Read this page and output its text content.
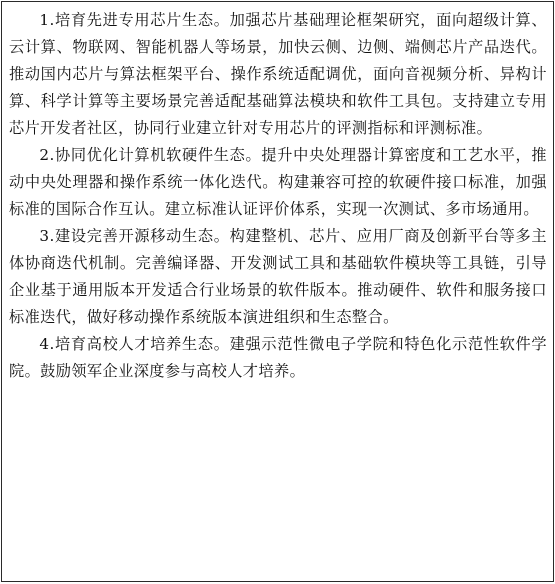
1.培育先进专用芯片生态。加强芯片基础理论框架研究，面向超级计算、云计算、物联网、智能机器人等场景，加快云侧、边侧、端侧芯片产品迭代。推动国内芯片与算法框架平台、操作系统适配调优，面向音视频分析、异构计算、科学计算等主要场景完善适配基础算法模块和软件工具包。支持建立专用芯片开发者社区，协同行业建立针对专用芯片的评测指标和评测标准。

2.协同优化计算机软硬件生态。提升中央处理器计算密度和工艺水平，推动中央处理器和操作系统一体化迭代。构建兼容可控的软硬件接口标准，加强标准的国际合作互认。建立标准认证评价体系，实现一次测试、多市场通用。

3.建设完善开源移动生态。构建整机、芯片、应用厂商及创新平台等多主体协商迭代机制。完善编译器、开发测试工具和基础软件模块等工具链，引导企业基于通用版本开发适合行业场景的软件版本。推动硬件、软件和服务接口标准迭代，做好移动操作系统版本演进组织和生态整合。

4.培育高校人才培养生态。建强示范性微电子学院和特色化示范性软件学院。鼓励领军企业深度参与高校人才培养。
